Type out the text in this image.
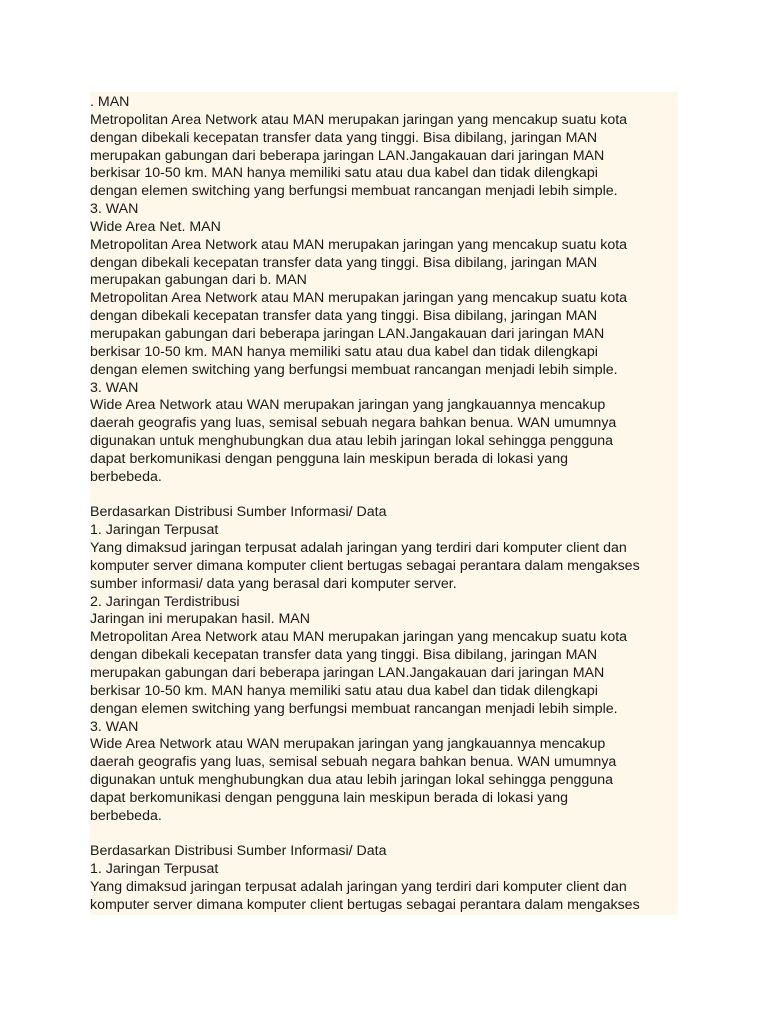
. MAN
Metropolitan Area Network atau MAN merupakan jaringan yang mencakup suatu kota
dengan dibekali kecepatan transfer data yang tinggi. Bisa dibilang, jaringan MAN
merupakan gabungan dari beberapa jaringan LAN.Jangakauan dari jaringan MAN
berkisar 10-50 km. MAN hanya memiliki satu atau dua kabel dan tidak dilengkapi
dengan elemen switching yang berfungsi membuat rancangan menjadi lebih simple.
3. WAN
Wide Area Net. MAN
Metropolitan Area Network atau MAN merupakan jaringan yang mencakup suatu kota
dengan dibekali kecepatan transfer data yang tinggi. Bisa dibilang, jaringan MAN
merupakan gabungan dari b. MAN
Metropolitan Area Network atau MAN merupakan jaringan yang mencakup suatu kota
dengan dibekali kecepatan transfer data yang tinggi. Bisa dibilang, jaringan MAN
merupakan gabungan dari beberapa jaringan LAN.Jangakauan dari jaringan MAN
berkisar 10-50 km. MAN hanya memiliki satu atau dua kabel dan tidak dilengkapi
dengan elemen switching yang berfungsi membuat rancangan menjadi lebih simple.
3. WAN
Wide Area Network atau WAN merupakan jaringan yang jangkauannya mencakup
daerah geografis yang luas, semisal sebuah negara bahkan benua. WAN umumnya
digunakan untuk menghubungkan dua atau lebih jaringan lokal sehingga pengguna
dapat berkomunikasi dengan pengguna lain meskipun berada di lokasi yang
berbebeda.
Berdasarkan Distribusi Sumber Informasi/ Data
1. Jaringan Terpusat
Yang dimaksud jaringan terpusat adalah jaringan yang terdiri dari komputer client dan
komputer server dimana komputer client bertugas sebagai perantara dalam mengakses
sumber informasi/ data yang berasal dari komputer server.
2. Jaringan Terdistribusi
Jaringan ini merupakan hasil. MAN
Metropolitan Area Network atau MAN merupakan jaringan yang mencakup suatu kota
dengan dibekali kecepatan transfer data yang tinggi. Bisa dibilang, jaringan MAN
merupakan gabungan dari beberapa jaringan LAN.Jangakauan dari jaringan MAN
berkisar 10-50 km. MAN hanya memiliki satu atau dua kabel dan tidak dilengkapi
dengan elemen switching yang berfungsi membuat rancangan menjadi lebih simple.
3. WAN
Wide Area Network atau WAN merupakan jaringan yang jangkauannya mencakup
daerah geografis yang luas, semisal sebuah negara bahkan benua. WAN umumnya
digunakan untuk menghubungkan dua atau lebih jaringan lokal sehingga pengguna
dapat berkomunikasi dengan pengguna lain meskipun berada di lokasi yang
berbebeda.
Berdasarkan Distribusi Sumber Informasi/ Data
1. Jaringan Terpusat
Yang dimaksud jaringan terpusat adalah jaringan yang terdiri dari komputer client dan
komputer server dimana komputer client bertugas sebagai perantara dalam mengakses
